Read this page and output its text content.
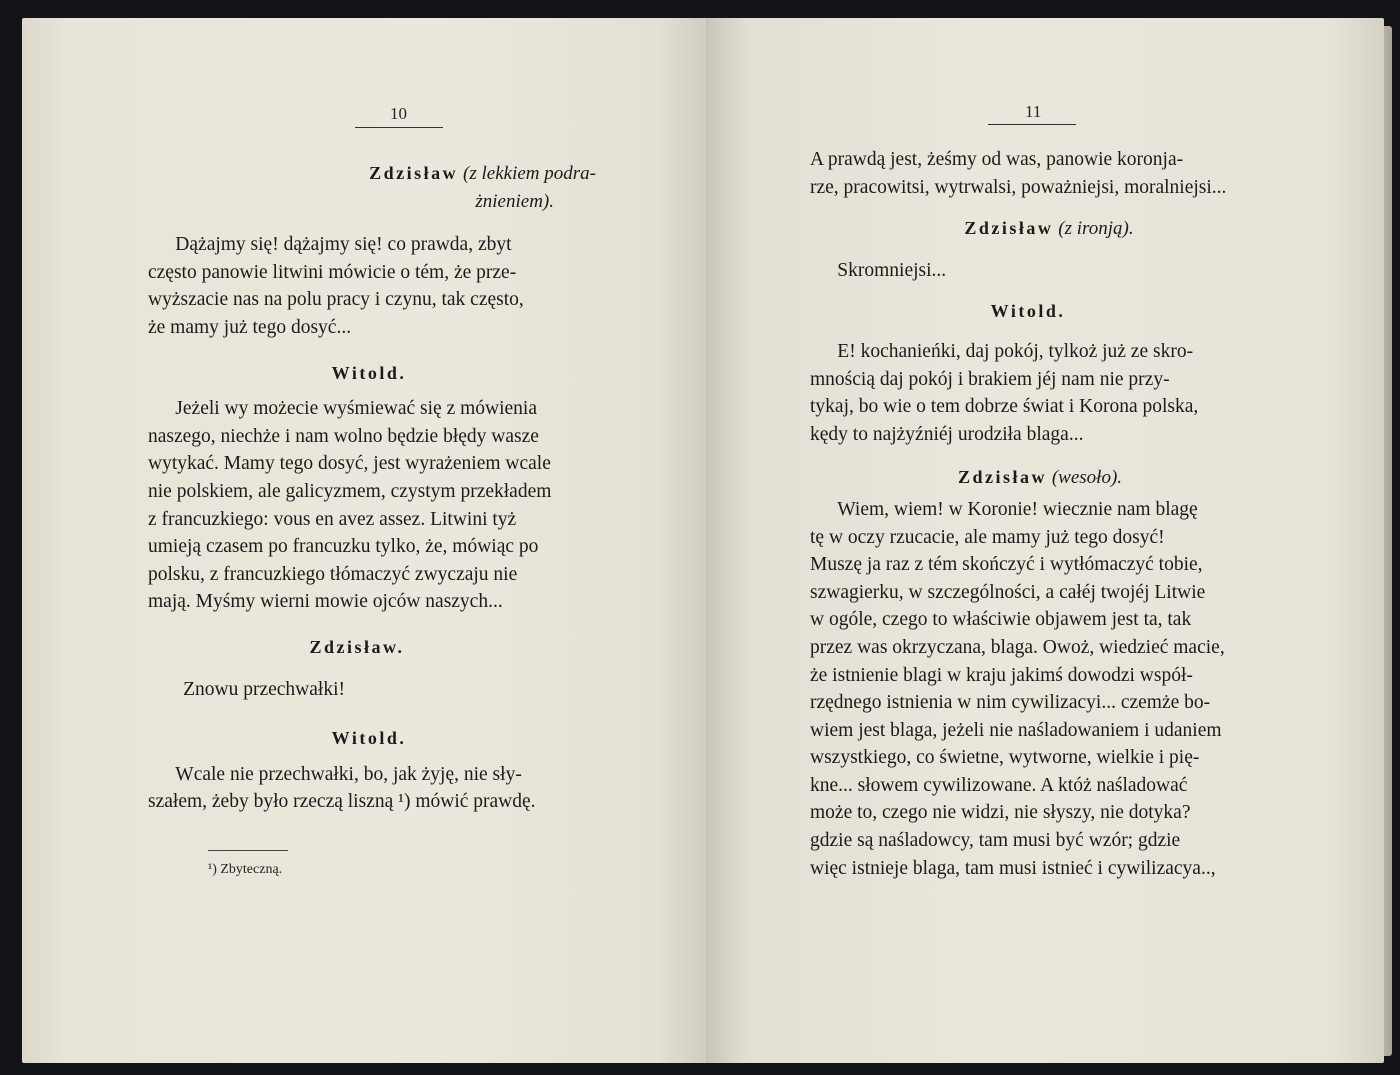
10
Zdzisław (z lekkiem podra-
żnieniem).

Dążajmy się! dążajmy się! co prawda, zbyt

często panowie litwini mówicie o tém, że prze-

wyższacie nas na polu pracy i czynu, tak często,

że mamy już tego dosyć...

Witold.

Jeżeli wy możecie wyśmiewać się z mówienia

naszego, niechże i nam wolno będzie błędy wasze

wytykać. Mamy tego dosyć, jest wyrażeniem wcale

nie polskiem, ale galicyzmem, czystym przekładem

z francuzkiego: vous en avez assez. Litwini tyż

umieją czasem po francuzku tylko, że, mówiąc po

polsku, z francuzkiego tłómaczyć zwyczaju nie

mają. Myśmy wierni mowie ojców naszych...

Zdzisław.

Znowu przechwałki!

Witold.

Wcale nie przechwałki, bo, jak żyję, nie sły-

szałem, żeby było rzeczą liszną ¹) mówić prawdę.

¹) Zbyteczną.
11

A prawdą jest, żeśmy od was, panowie koronja-

rze, pracowitsi, wytrwalsi, poważniejsi, moralniejsi...

Zdzisław (z ironją).

Skromniejsi...

Witold.

E! kochanieńki, daj pokój, tylkoż już ze skro-

mnością daj pokój i brakiem jéj nam nie przy-

tykaj, bo wie o tem dobrze świat i Korona polska,

kędy to najżyźniéj urodziła blaga...

Zdzisław (wesoło).

Wiem, wiem! w Koronie! wiecznie nam blagę

tę w oczy rzucacie, ale mamy już tego dosyć!

Muszę ja raz z tém skończyć i wytłómaczyć tobie,

szwagierku, w szczególności, a całéj twojéj Litwie

w ogóle, czego to właściwie objawem jest ta, tak

przez was okrzyczana, blaga. Owoż, wiedzieć macie,

że istnienie blagi w kraju jakimś dowodzi współ-

rzędnego istnienia w nim cywilizacyi... czemże bo-

wiem jest blaga, jeżeli nie naśladowaniem i udaniem

wszystkiego, co świetne, wytworne, wielkie i pię-

kne... słowem cywilizowane. A któż naśladować

może to, czego nie widzi, nie słyszy, nie dotyka?

gdzie są naśladowcy, tam musi być wzór; gdzie

więc istnieje blaga, tam musi istnieć i cywilizacya..,
